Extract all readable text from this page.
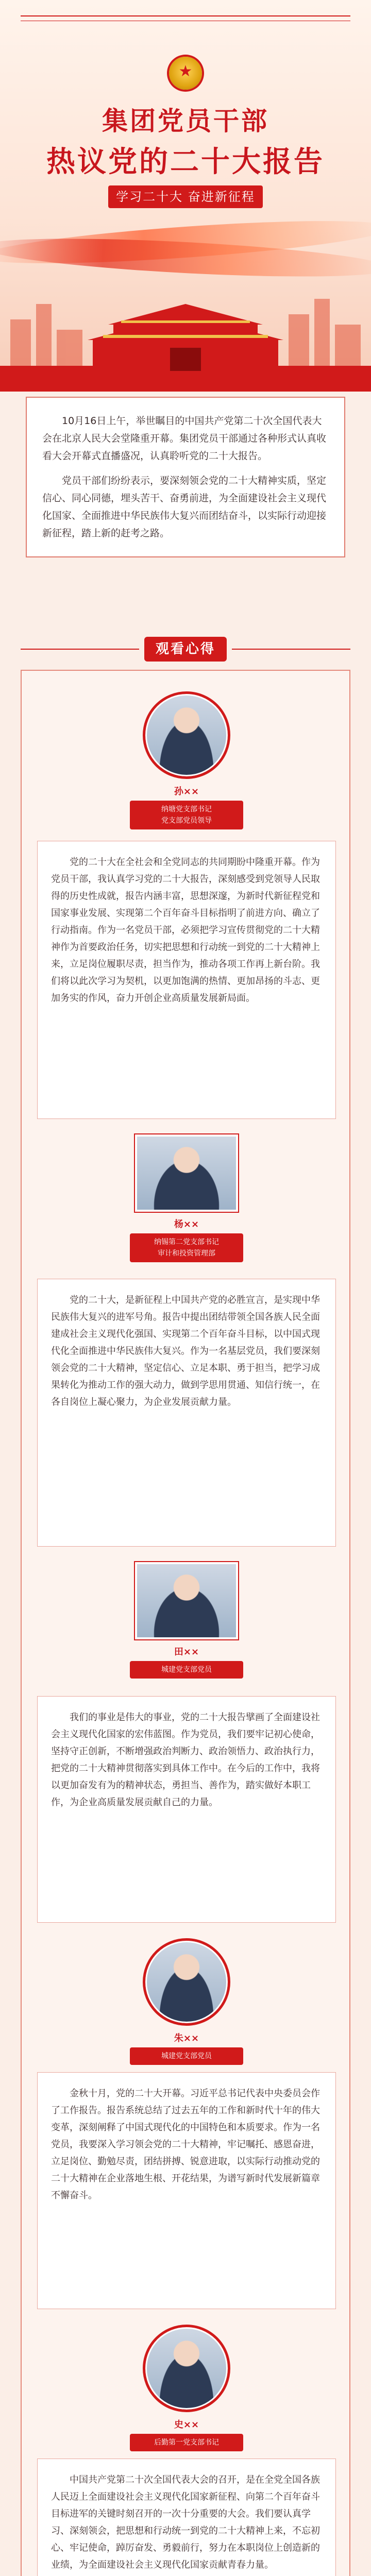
★
集团党员干部
热议党的二十大报告
学习二十大 奋进新征程

10月16日上午，举世瞩目的中国共产党第二十次全国代表大会在北京人民大会堂隆重开幕。集团党员干部通过各种形式认真收看大会开幕式直播盛况，认真聆听党的二十大报告。

党员干部们纷纷表示，要深刻领会党的二十大精神实质，坚定信心、同心同德，埋头苦干、奋勇前进，为全面建设社会主义现代化国家、全面推进中华民族伟大复兴而团结奋斗，以实际行动迎接新征程，踏上新的赶考之路。

观看心得
孙××
纳塘党支部书记
党支部党员领导
党的二十大在全社会和全党同志的共同期盼中隆重开幕。作为党员干部，我认真学习党的二十大报告，深刻感受到党领导人民取得的历史性成就，报告内涵丰富，思想深邃，为新时代新征程党和国家事业发展、实现第二个百年奋斗目标指明了前进方向、确立了行动指南。作为一名党员干部，必须把学习宣传贯彻党的二十大精神作为首要政治任务，切实把思想和行动统一到党的二十大精神上来，立足岗位履职尽责，担当作为，推动各项工作再上新台阶。我们将以此次学习为契机，以更加饱满的热情、更加昂扬的斗志、更加务实的作风，奋力开创企业高质量发展新局面。
杨××
纳锡第二党支部书记
审计和投资管理部
党的二十大，是新征程上中国共产党的必胜宣言，是实现中华民族伟大复兴的进军号角。报告中提出团结带领全国各族人民全面建成社会主义现代化强国、实现第二个百年奋斗目标，以中国式现代化全面推进中华民族伟大复兴。作为一名基层党员，我们要深刻领会党的二十大精神，坚定信心、立足本职、勇于担当，把学习成果转化为推动工作的强大动力，做到学思用贯通、知信行统一，在各自岗位上凝心聚力，为企业发展贡献力量。
田××
城建党支部党员
我们的事业是伟大的事业，党的二十大报告擘画了全面建设社会主义现代化国家的宏伟蓝图。作为党员，我们要牢记初心使命，坚持守正创新，不断增强政治判断力、政治领悟力、政治执行力，把党的二十大精神贯彻落实到具体工作中。在今后的工作中，我将以更加奋发有为的精神状态，勇担当、善作为，踏实做好本职工作，为企业高质量发展贡献自己的力量。
朱××
城建党支部党员
金秋十月，党的二十大开幕。习近平总书记代表中央委员会作了工作报告。报告系统总结了过去五年的工作和新时代十年的伟大变革，深刻阐释了中国式现代化的中国特色和本质要求。作为一名党员，我要深入学习领会党的二十大精神，牢记嘱托、感恩奋进，立足岗位、勤勉尽责，团结拼搏、锐意进取，以实际行动推动党的二十大精神在企业落地生根、开花结果，为谱写新时代发展新篇章不懈奋斗。
史××
后勤第一党支部书记
中国共产党第二十次全国代表大会的召开，是在全党全国各族人民迈上全面建设社会主义现代化国家新征程、向第二个百年奋斗目标进军的关键时刻召开的一次十分重要的大会。我们要认真学习、深刻领会，把思想和行动统一到党的二十大精神上来，不忘初心、牢记使命，踔厉奋发、勇毅前行，努力在本职岗位上创造新的业绩，为全面建设社会主义现代化国家贡献青春力量。
